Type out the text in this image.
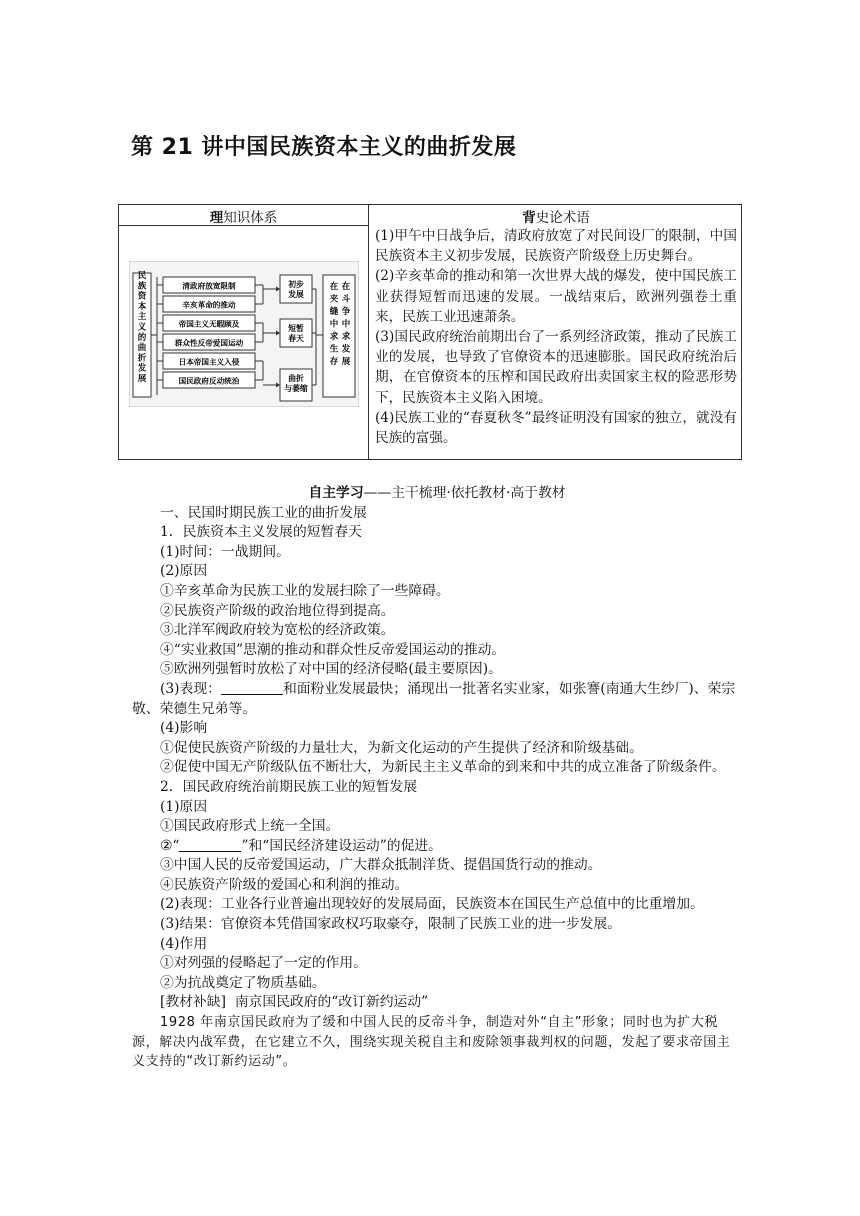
第 21 讲中国民族资本主义的曲折发展
理知识体系	背史论术语
民族资本主义的曲折发展
清政府放宽限制
辛亥革命的推动
帝国主义无暇顾及
群众性反帝爱国运动
日本帝国主义入侵
国民政府反动统治
初步发展
短暂春天
曲折与萎缩
在夹缝中求生存在斗争中求发展

(1)甲午中日战争后，清政府放宽了对民间设厂的限制，中国民族资本主义初步发展，民族资产阶级登上历史舞台。

(2)辛亥革命的推动和第一次世界大战的爆发，使中国民族工业获得短暂而迅速的发展。一战结束后，欧洲列强卷土重来，民族工业迅速萧条。

(3)国民政府统治前期出台了一系列经济政策，推动了民族工业的发展，也导致了官僚资本的迅速膨胀。国民政府统治后期，在官僚资本的压榨和国民政府出卖国家主权的险恶形势下，民族资本主义陷入困境。

(4)民族工业的“春夏秋冬”最终证明没有国家的独立，就没有民族的富强。

自主学习——主干梳理·依托教材·高于教材

一、民国时期民族工业的曲折发展

1．民族资本主义发展的短暂春天

(1)时间：一战期间。

(2)原因

①辛亥革命为民族工业的发展扫除了一些障碍。

②民族资产阶级的政治地位得到提高。

③北洋军阀政府较为宽松的经济政策。

④“实业救国”思潮的推动和群众性反帝爱国运动的推动。

⑤欧洲列强暂时放松了对中国的经济侵略(最主要原因)。

(3)表现：	和面粉业发展最快；涌现出一批著名实业家，如张謇(南通大生纱厂)、荣宗敬、荣德生兄弟等。

(4)影响

①促使民族资产阶级的力量壮大，为新文化运动的产生提供了经济和阶级基础。

②促使中国无产阶级队伍不断壮大，为新民主主义革命的到来和中共的成立准备了阶级条件。

2．国民政府统治前期民族工业的短暂发展

(1)原因

①国民政府形式上统一全国。

②“	”和“国民经济建设运动”的促进。

③中国人民的反帝爱国运动，广大群众抵制洋货、提倡国货行动的推动。

④民族资产阶级的爱国心和利润的推动。

(2)表现：工业各行业普遍出现较好的发展局面，民族资本在国民生产总值中的比重增加。

(3)结果：官僚资本凭借国家政权巧取豪夺，限制了民族工业的进一步发展。

(4)作用

①对列强的侵略起了一定的作用。

②为抗战奠定了物质基础。

[教材补缺] 南京国民政府的“改订新约运动”

1928 年南京国民政府为了缓和中国人民的反帝斗争，制造对外“自主”形象；同时也为扩大税源，解决内战军费，在它建立不久，围绕实现关税自主和废除领事裁判权的问题，发起了要求帝国主义支持的“改订新约运动”。
